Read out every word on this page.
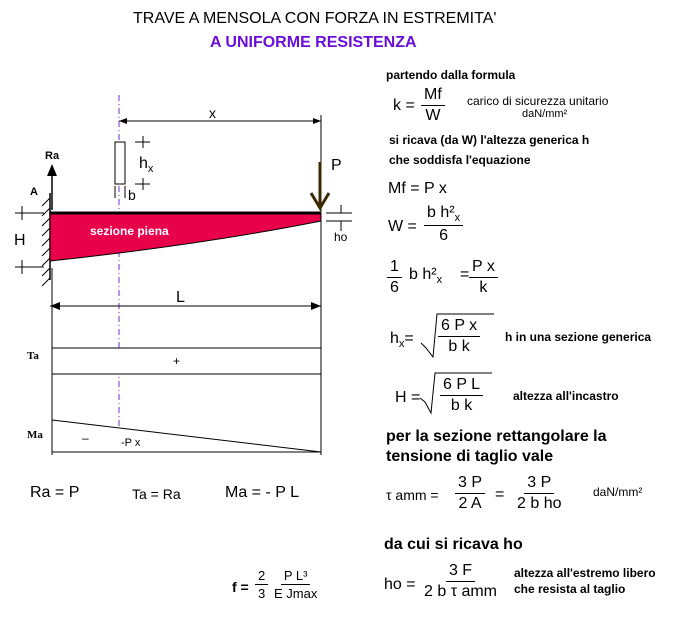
TRAVE A MENSOLA CON FORZA IN ESTREMITA'
A UNIFORME RESISTENZA
x
Ra
A
P
H	ho
$h_x$
b
sezione piena
L
Ta	+
Ma	–	-P x
Ra = P	Ta = Ra	Ma = - P L
$f = \frac{2}{3}$ P L³
E Jmax
partendo dalla formula
$k = \frac{Mf}{W}$ carico di sicurezza unitario
daN/mm²
si ricava (da W) l'altezza generica h
che soddisfa l'equazione
Mf = P x
$W = \frac{b h^2_x}{6}$
$\frac{1}{6}$ b $h^2_x = \frac{\text{P x}}{k}$
$h_x= \frac{\text{6 P x}}{\text{b k}}$ h in una sezione generica
$H = \frac{\text{6 P L}}{\text{b k}}$ altezza all'incastro
per la sezione rettangolare la
tensione di taglio vale
τ amm = $\frac{3 P}{2 A} = \frac{3 P}{\text{2 b ho}}$	daN/mm²
da cui si ricava ho
ho =
3 F
2 b τ amm
altezza all'estremo libero
che resista al taglio
